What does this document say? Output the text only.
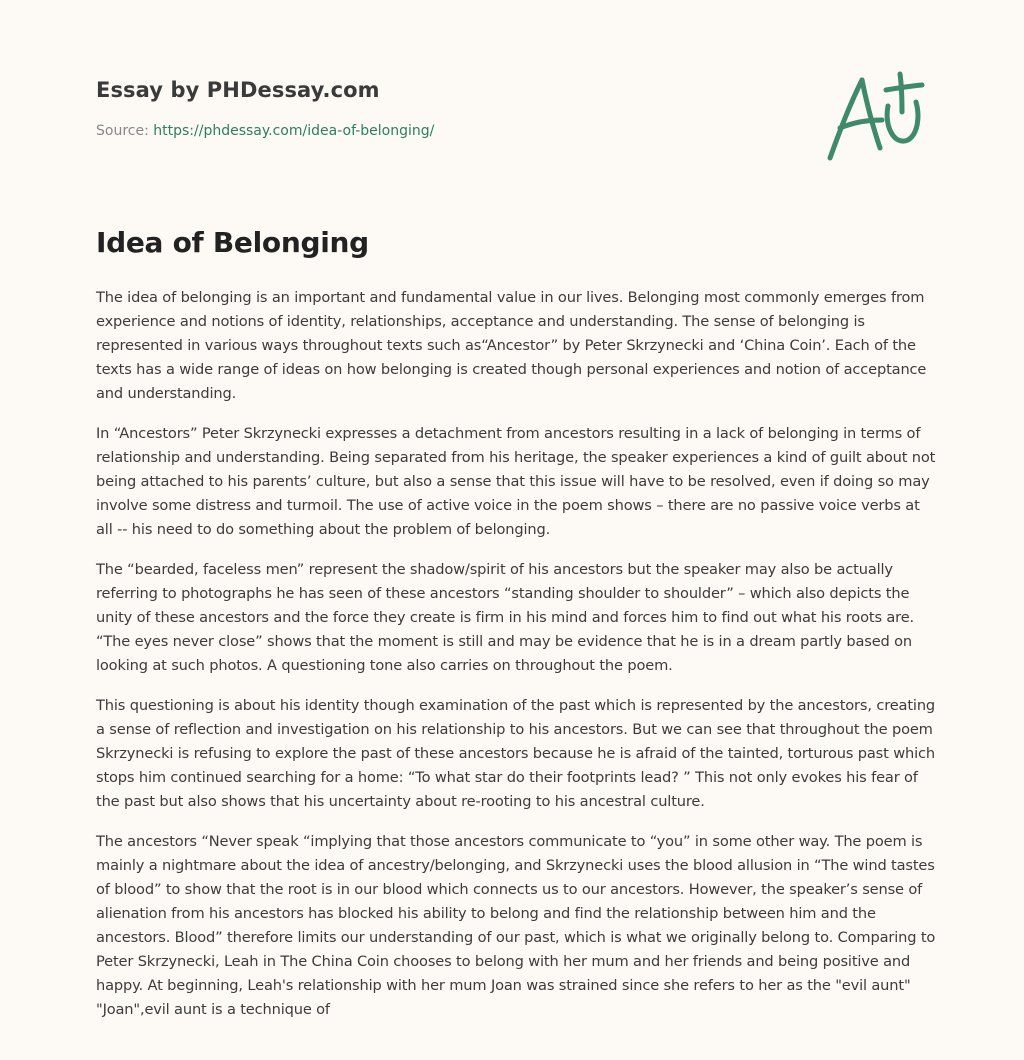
Essay by PHDessay.com
Source: https://phdessay.com/idea-of-belonging/
Idea of Belonging

The idea of belonging is an important and fundamental value in our lives. Belonging most commonly emerges from experience and notions of identity, relationships, acceptance and understanding. The sense of belonging is represented in various ways throughout texts such as“Ancestor” by Peter Skrzynecki and ‘China Coin’. Each of the texts has a wide range of ideas on how belonging is created though personal experiences and notion of acceptance and understanding.

In “Ancestors” Peter Skrzynecki expresses a detachment from ancestors resulting in a lack of belonging in terms of relationship and understanding. Being separated from his heritage, the speaker experiences a kind of guilt about not being attached to his parents’ culture, but also a sense that this issue will have to be resolved, even if doing so may involve some distress and turmoil. The use of active voice in the poem shows – there are no passive voice verbs at all -- his need to do something about the problem of belonging.

The “bearded, faceless men” represent the shadow/spirit of his ancestors but the speaker may also be actually referring to photographs he has seen of these ancestors “standing shoulder to shoulder” – which also depicts the unity of these ancestors and the force they create is firm in his mind and forces him to find out what his roots are. “The eyes never close” shows that the moment is still and may be evidence that he is in a dream partly based on looking at such photos. A questioning tone also carries on throughout the poem.

This questioning is about his identity though examination of the past which is represented by the ancestors, creating a sense of reflection and investigation on his relationship to his ancestors. But we can see that throughout the poem Skrzynecki is refusing to explore the past of these ancestors because he is afraid of the tainted, torturous past which stops him continued searching for a home: “To what star do their footprints lead? ” This not only evokes his fear of the past but also shows that his uncertainty about re-rooting to his ancestral culture.

The ancestors “Never speak “implying that those ancestors communicate to “you” in some other way. The poem is mainly a nightmare about the idea of ancestry/belonging, and Skrzynecki uses the blood allusion in “The wind tastes of blood” to show that the root is in our blood which connects us to our ancestors. However, the speaker’s sense of alienation from his ancestors has blocked his ability to belong and find the relationship between him and the ancestors. Blood” therefore limits our understanding of our past, which is what we originally belong to. Comparing to Peter Skrzynecki, Leah in The China Coin chooses to belong with her mum and her friends and being positive and happy. At beginning, Leah's relationship with her mum Joan was strained since she refers to her as the "evil aunt" "Joan",evil aunt is a technique of
